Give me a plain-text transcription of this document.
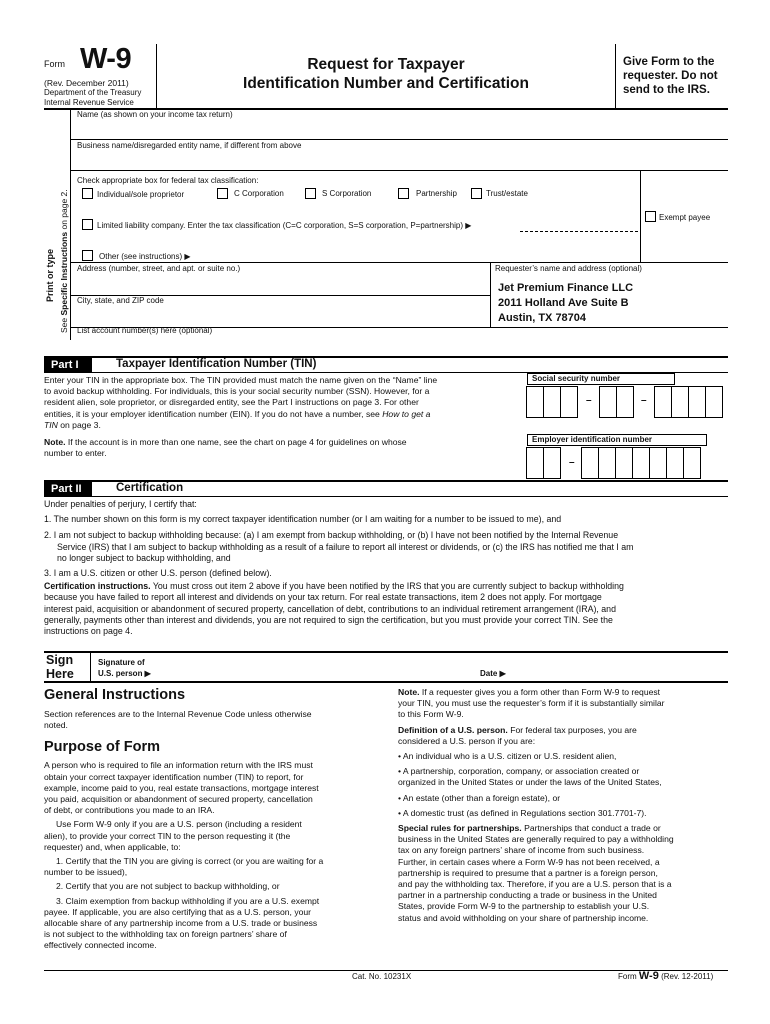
Form W-9
(Rev. December 2011)
Department of the Treasury
Internal Revenue Service
Request for Taxpayer
Identification Number and Certification
Give Form to the
requester. Do not
send to the IRS.
Print or type
See Specific Instructions on page 2.
Name (as shown on your income tax return)
Business name/disregarded entity name, if different from above
Check appropriate box for federal tax classification:
Individual/sole proprietor	C Corporation	S Corporation	Partnership	Trust/estate
Exempt payee
Limited liability company. Enter the tax classification (C=C corporation, S=S corporation, P=partnership) ▶
Other (see instructions) ▶
Address (number, street, and apt. or suite no.)	Requester’s name and address (optional)
City, state, and ZIP code
Jet Premium Finance LLC
2011 Holland Ave Suite B
Austin, TX 78704
List account number(s) here (optional)
Part I	Taxpayer Identification Number (TIN)

Enter your TIN in the appropriate box. The TIN provided must match the name given on the “Name” line

to avoid backup withholding. For individuals, this is your social security number (SSN). However, for a

resident alien, sole proprietor, or disregarded entity, see the Part I instructions on page 3. For other

entities, it is your employer identification number (EIN). If you do not have a number, see How to get a

TIN on page 3.

Note. If the account is in more than one name, see the chart on page 4 for guidelines on whose

number to enter.

Social security number
–	–
Employer identification number
–
Part II	Certification

Under penalties of perjury, I certify that:

1. The number shown on this form is my correct taxpayer identification number (or I am waiting for a number to be issued to me), and

2. I am not subject to backup withholding because: (a) I am exempt from backup withholding, or (b) I have not been notified by the Internal Revenue

Service (IRS) that I am subject to backup withholding as a result of a failure to report all interest or dividends, or (c) the IRS has notified me that I am

no longer subject to backup withholding, and

3. I am a U.S. citizen or other U.S. person (defined below).

Certification instructions. You must cross out item 2 above if you have been notified by the IRS that you are currently subject to backup withholding

because you have failed to report all interest and dividends on your tax return. For real estate transactions, item 2 does not apply. For mortgage

interest paid, acquisition or abandonment of secured property, cancellation of debt, contributions to an individual retirement arrangement (IRA), and

generally, payments other than interest and dividends, you are not required to sign the certification, but you must provide your correct TIN. See the

instructions on page 4.

Sign
Here
Signature of
U.S. person ▶	Date ▶
General Instructions

Section references are to the Internal Revenue Code unless otherwise

noted.

Purpose of Form

A person who is required to file an information return with the IRS must

obtain your correct taxpayer identification number (TIN) to report, for

example, income paid to you, real estate transactions, mortgage interest

you paid, acquisition or abandonment of secured property, cancellation

of debt, or contributions you made to an IRA.

Use Form W-9 only if you are a U.S. person (including a resident

alien), to provide your correct TIN to the person requesting it (the

requester) and, when applicable, to:

1. Certify that the TIN you are giving is correct (or you are waiting for a

number to be issued),

2. Certify that you are not subject to backup withholding, or

3. Claim exemption from backup withholding if you are a U.S. exempt

payee. If applicable, you are also certifying that as a U.S. person, your

allocable share of any partnership income from a U.S. trade or business

is not subject to the withholding tax on foreign partners’ share of

effectively connected income.

Note. If a requester gives you a form other than Form W-9 to request

your TIN, you must use the requester’s form if it is substantially similar

to this Form W-9.

Definition of a U.S. person. For federal tax purposes, you are

considered a U.S. person if you are:

• An individual who is a U.S. citizen or U.S. resident alien,

• A partnership, corporation, company, or association created or

organized in the United States or under the laws of the United States,

• An estate (other than a foreign estate), or

• A domestic trust (as defined in Regulations section 301.7701-7).

Special rules for partnerships. Partnerships that conduct a trade or

business in the United States are generally required to pay a withholding

tax on any foreign partners’ share of income from such business.

Further, in certain cases where a Form W-9 has not been received, a

partnership is required to presume that a partner is a foreign person,

and pay the withholding tax. Therefore, if you are a U.S. person that is a

partner in a partnership conducting a trade or business in the United

States, provide Form W-9 to the partnership to establish your U.S.

status and avoid withholding on your share of partnership income.

Cat. No. 10231X	Form W-9 (Rev. 12-2011)
